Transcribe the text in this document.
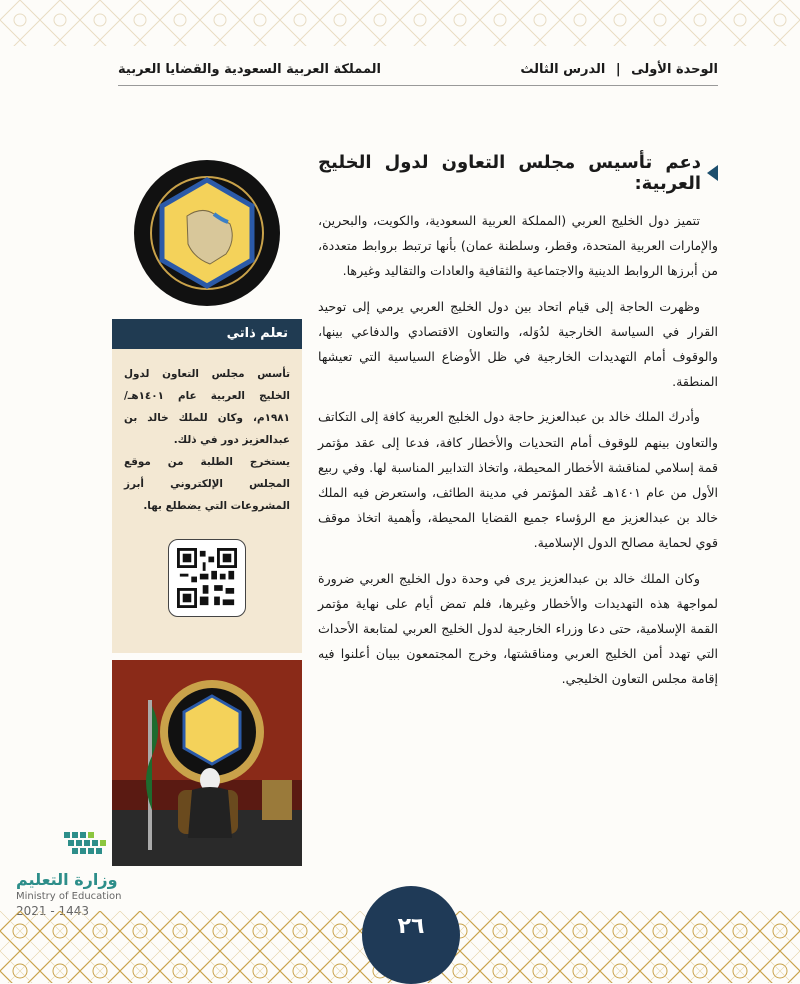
الوحدة الأولى | الدرس الثالث
المملكة العربية السعودية والقضايا العربية
دعم تأسيس مجلس التعاون لدول الخليج العربية:

تتميز دول الخليج العربي (المملكة العربية السعودية، والكويت، والبحرين، والإمارات العربية المتحدة، وقطر، وسلطنة عمان) بأنها ترتبط بروابط متعددة، من أبرزها الروابط الدينية والاجتماعية والثقافية والعادات والتقاليد وغيرها.

وظهرت الحاجة إلى قيام اتحاد بين دول الخليج العربي يرمي إلى توحيد القرار في السياسة الخارجية لدُوَله، والتعاون الاقتصادي والدفاعي بينها، والوقوف أمام التهديدات الخارجية في ظل الأوضاع السياسية التي تعيشها المنطقة.

وأدرك الملك خالد بن عبدالعزيز حاجة دول الخليج العربية كافة إلى التكاتف والتعاون بينهم للوقوف أمام التحديات والأخطار كافة، فدعا إلى عقد مؤتمر قمة إسلامي لمناقشة الأخطار المحيطة، واتخاذ التدابير المناسبة لها. وفي ربيع الأول من عام ١٤٠١هـ عُقد المؤتمر في مدينة الطائف، واستعرض فيه الملك خالد بن عبدالعزيز مع الرؤساء جميع القضايا المحيطة، وأهمية اتخاذ موقف قوي لحماية مصالح الدول الإسلامية.

وكان الملك خالد بن عبدالعزيز يرى في وحدة دول الخليج العربي ضرورة لمواجهة هذه التهديدات والأخطار وغيرها، فلم تمض أيام على نهاية مؤتمر القمة الإسلامية، حتى دعا وزراء الخارجية لدول الخليج العربي لمتابعة الأحداث التي تهدد أمن الخليج العربي ومناقشتها، وخرج المجتمعون ببيان أعلنوا فيه إقامة مجلس التعاون الخليجي.

تعلم ذاتي
تأسس مجلس التعاون لدول الخليج العربية عام ١٤٠١هـ/١٩٨١م، وكان للملك خالد بن عبدالعزيز دور في ذلك.
يستخرج الطلبة من موقع المجلس الإلكتروني أبرز المشروعات التي يضطلع بها.
وزارة التعليم
Ministry of Education
٢٦
